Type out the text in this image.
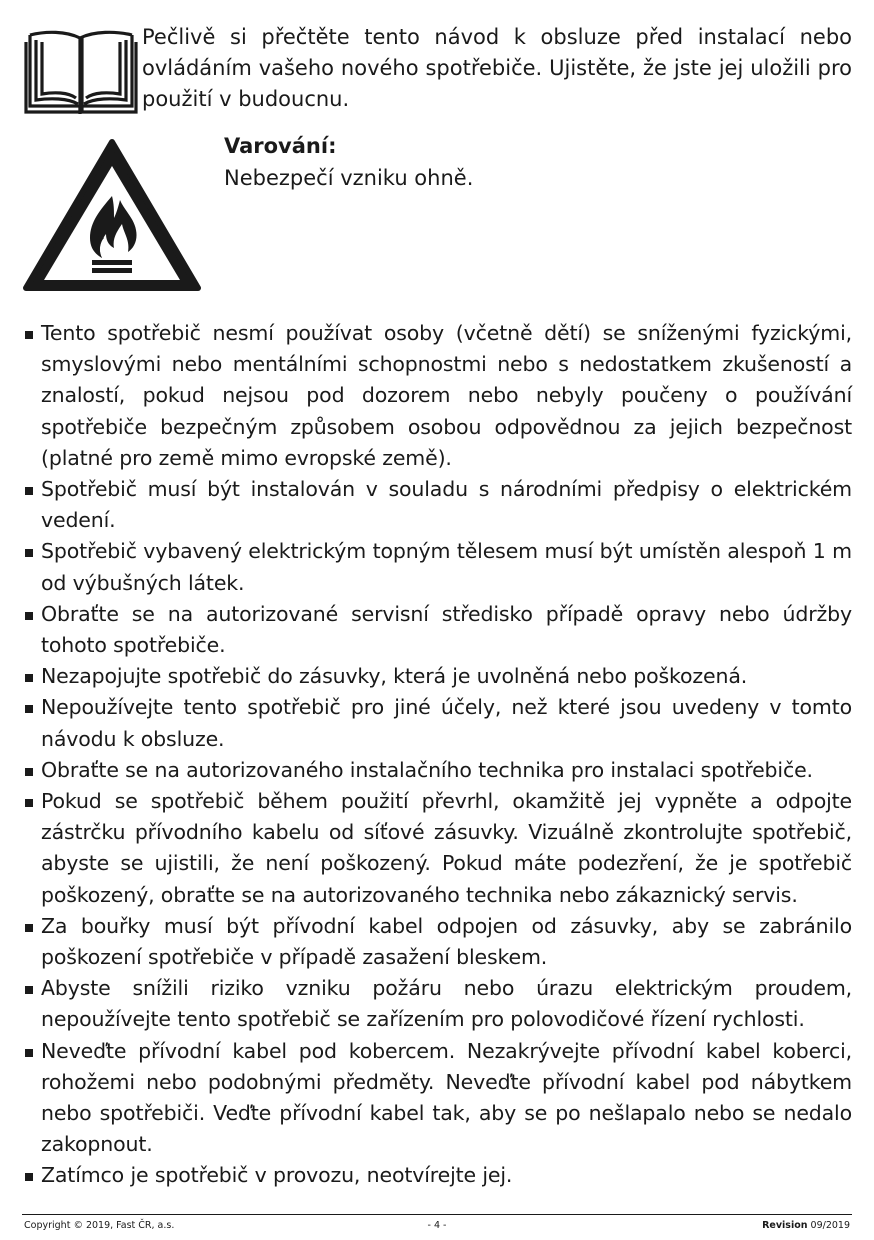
Pečlivě si přečtěte tento návod k obsluze před instalací nebo ovládáním vašeho nového spotřebiče. Ujistěte, že jste jej uložili pro použití v budoucnu.
Varování:
Nebezpečí vzniku ohně.
Tento spotřebič nesmí používat osoby (včetně dětí) se sníženými fyzickými, smyslovými nebo mentálními schopnostmi nebo s nedostatkem zkušeností a znalostí, pokud nejsou pod dozorem nebo nebyly poučeny o používání spotřebiče bezpečným způsobem osobou odpovědnou za jejich bezpečnost (platné pro země mimo evropské země).
Spotřebič musí být instalován v souladu s národními předpisy o elektrickém vedení.
Spotřebič vybavený elektrickým topným tělesem musí být umístěn alespoň 1 m od výbušných látek.
Obraťte se na autorizované servisní středisko případě opravy nebo údržby tohoto spotřebiče.
Nezapojujte spotřebič do zásuvky, která je uvolněná nebo poškozená.
Nepoužívejte tento spotřebič pro jiné účely, než které jsou uvedeny v tomto návodu k obsluze.
Obraťte se na autorizovaného instalačního technika pro instalaci spotřebiče.
Pokud se spotřebič během použití převrhl, okamžitě jej vypněte a odpojte zástrčku přívodního kabelu od síťové zásuvky. Vizuálně zkontrolujte spotřebič, abyste se ujistili, že není poškozený. Pokud máte podezření, že je spotřebič poškozený, obraťte se na autorizovaného technika nebo zákaznický servis.
Za bouřky musí být přívodní kabel odpojen od zásuvky, aby se zabránilo poškození spotřebiče v případě zasažení bleskem.
Abyste snížili riziko vzniku požáru nebo úrazu elektrickým proudem, nepoužívejte tento spotřebič se zařízením pro polovodičové řízení rychlosti.
Neveďte přívodní kabel pod kobercem. Nezakrývejte přívodní kabel koberci, rohožemi nebo podobnými předměty. Neveďte přívodní kabel pod nábytkem nebo spotřebiči. Veďte přívodní kabel tak, aby se po nešlapalo nebo se nedalo zakopnout.
Zatímco je spotřebič v provozu, neotvírejte jej.
Copyright © 2019, Fast ČR, a.s.	- 4 -	Revision 09/2019
